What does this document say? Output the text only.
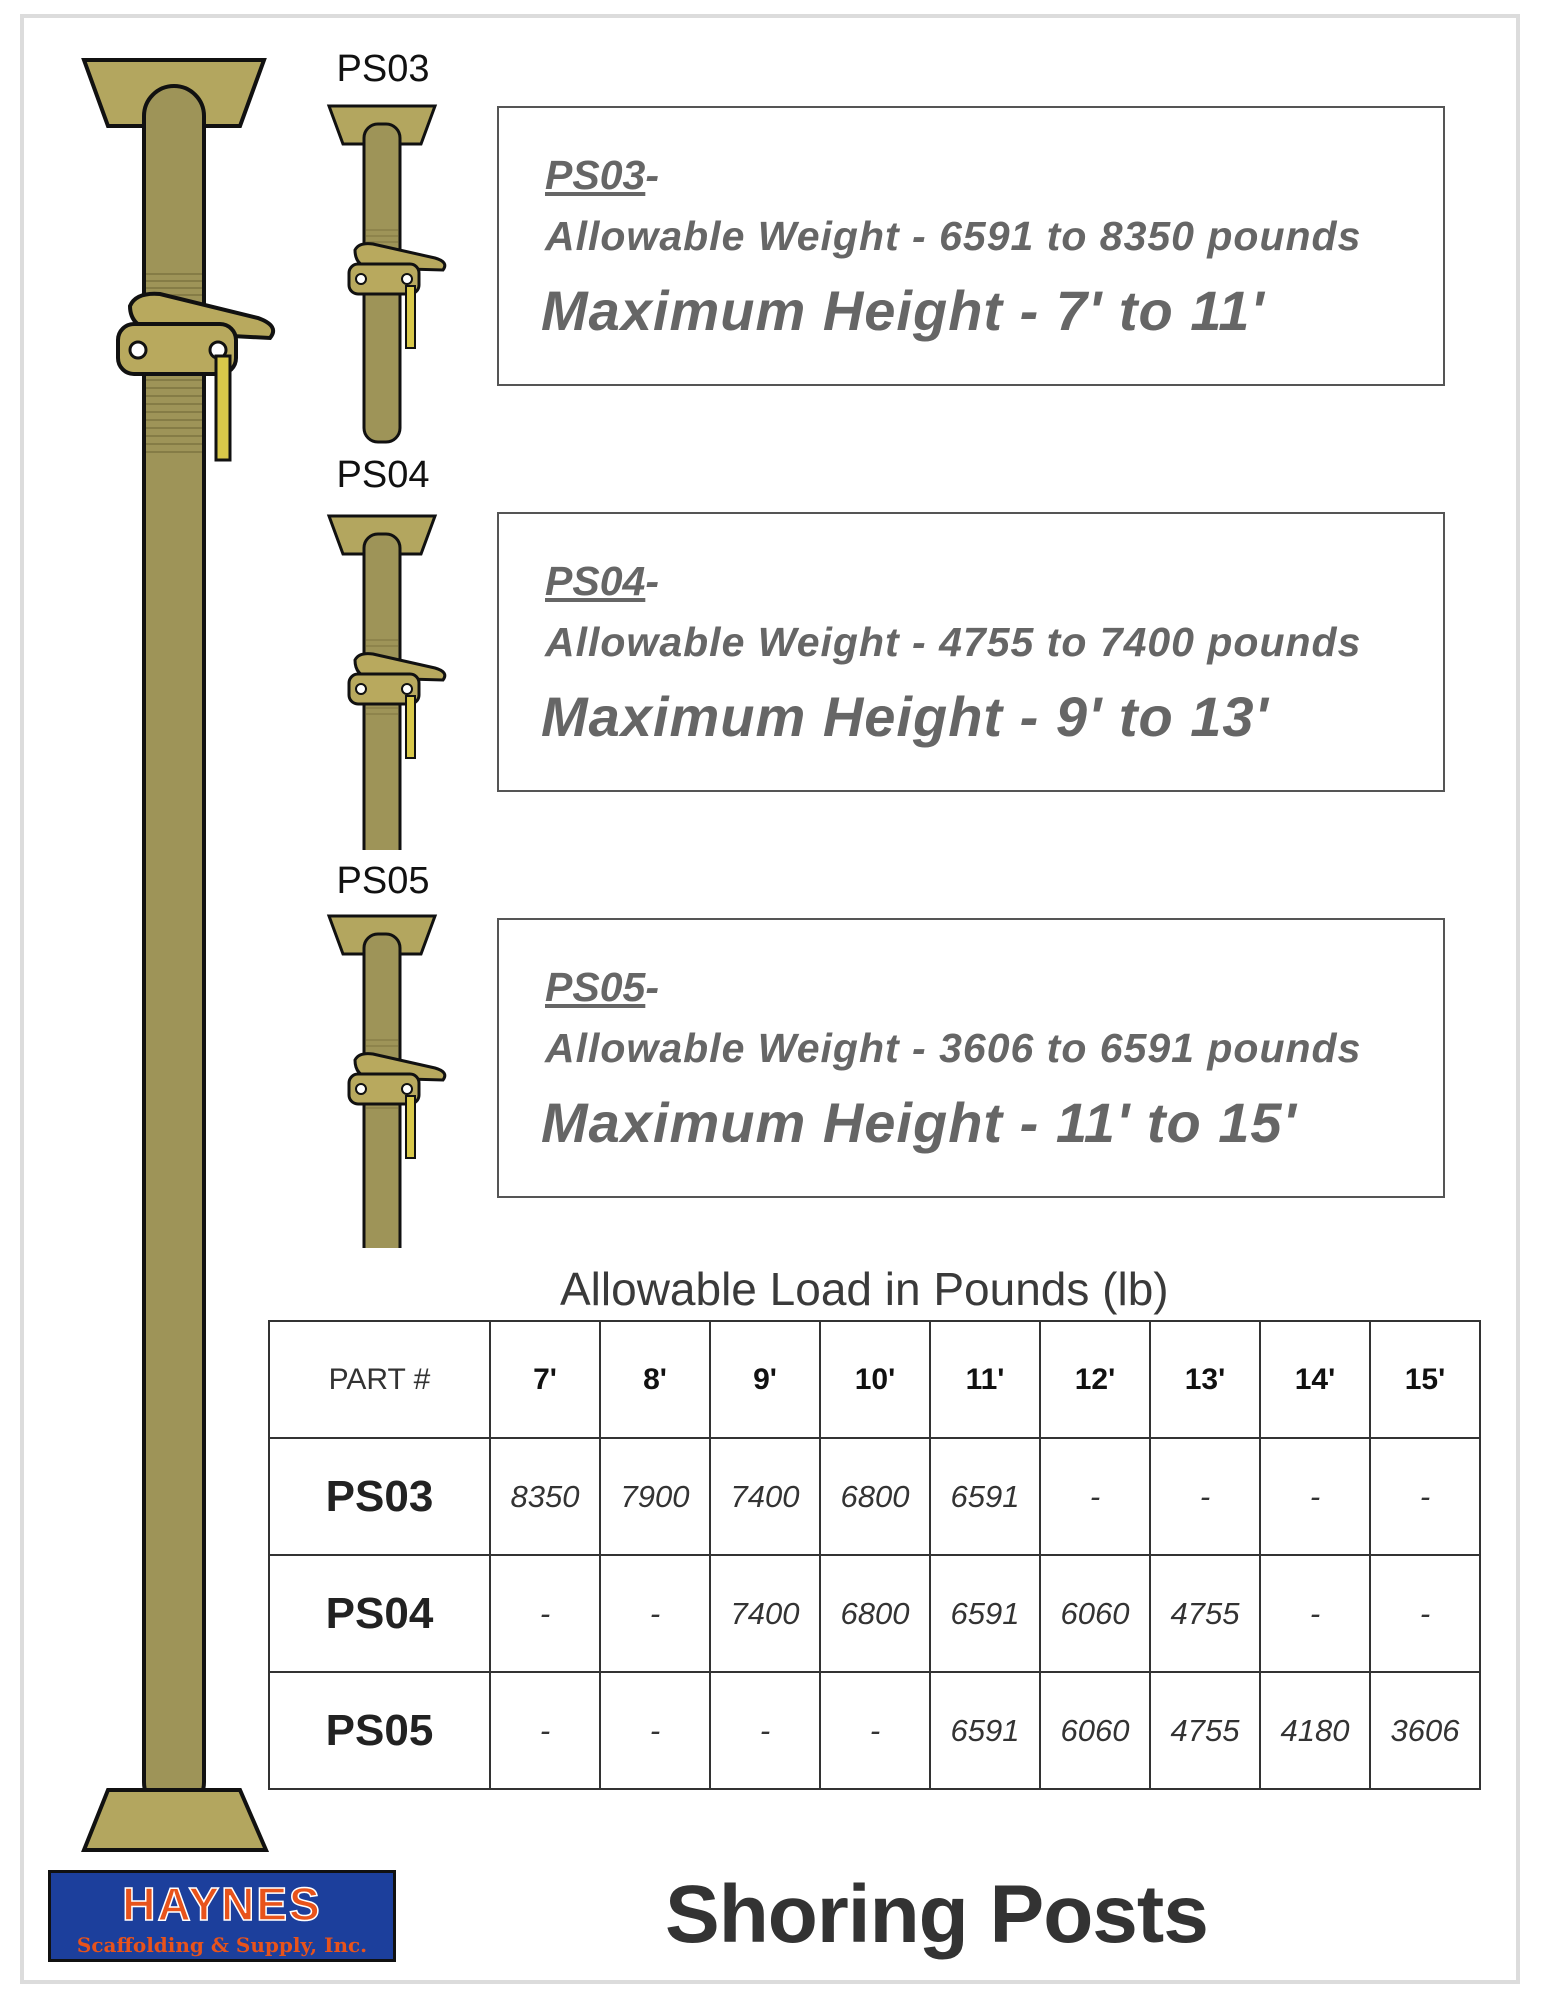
PS03
PS04
PS05
PS03-
Allowable Weight - 6591 to 8350 pounds
Maximum Height - 7' to 11'
PS04-
Allowable Weight - 4755 to 7400 pounds
Maximum Height - 9' to 13'
PS05-
Allowable Weight - 3606 to 6591 pounds
Maximum Height - 11' to 15'
Allowable Load in Pounds (lb)
PART #	7'	8'	9'	10'	11'	12'	13'	14'	15'
PS03	8350	7900	7400	6800	6591	-	-	-	-
PS04	-	-	7400	6800	6591	6060	4755	-	-
PS05	-	-	-	-	6591	6060	4755	4180	3606
HAYNES
Scaffolding & Supply, Inc.	Shoring Posts
